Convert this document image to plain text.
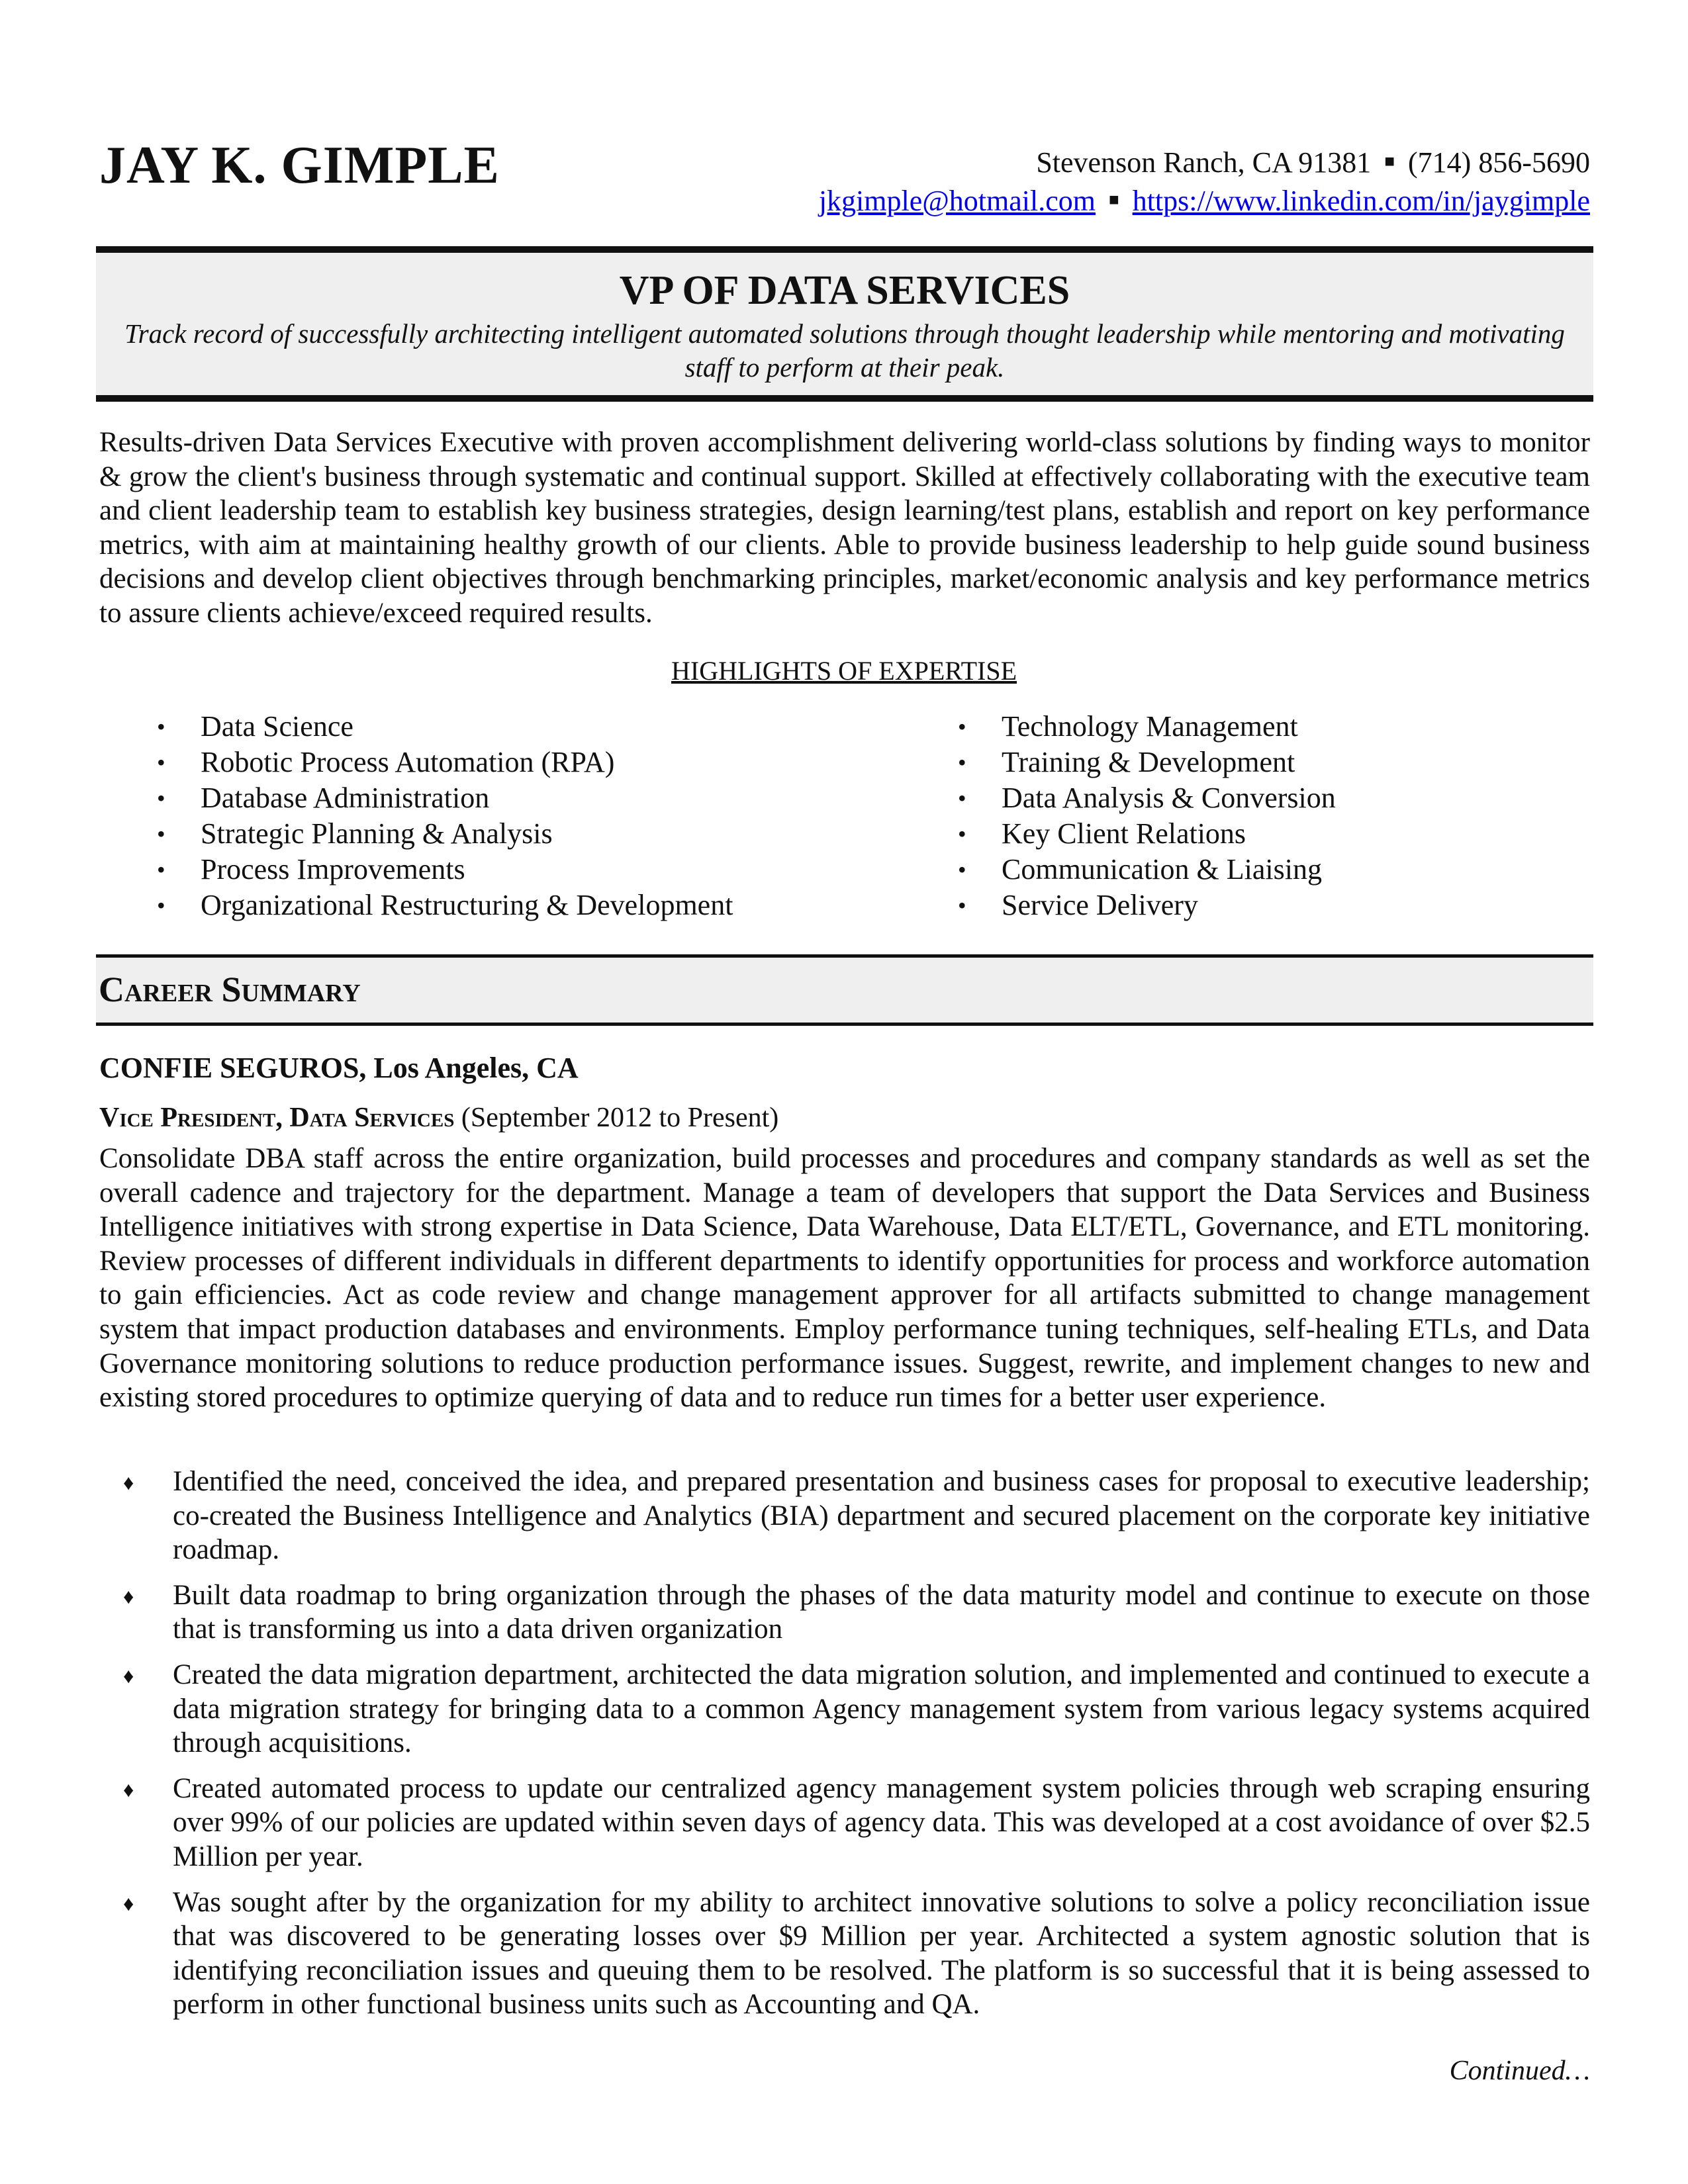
JAY K. GIMPLE	Stevenson Ranch, CA 91381 ■ (714) 856-5690
jkgimple@hotmail.com ■ https://www.linkedin.com/in/jaygimple
VP OF DATA SERVICES

Track record of successfully architecting intelligent automated solutions through thought leadership while mentoring and motivating staff to perform at their peak.

Results-driven Data Services Executive with proven accomplishment delivering world-class solutions by finding ways to monitor & grow the client's business through systematic and continual support. Skilled at effectively collaborating with the executive team and client leadership team to establish key business strategies, design learning/test plans, establish and report on key performance metrics, with aim at maintaining healthy growth of our clients. Able to provide business leadership to help guide sound business decisions and develop client objectives through benchmarking principles, market/economic analysis and key performance metrics to assure clients achieve/exceed required results.

HIGHLIGHTS OF EXPERTISE
• Data Science
• Robotic Process Automation (RPA)
• Database Administration
• Strategic Planning & Analysis
• Process Improvements
• Organizational Restructuring & Development
• Technology Management
• Training & Development
• Data Analysis & Conversion
• Key Client Relations
• Communication & Liaising
• Service Delivery
Career Summary

CONFIE SEGUROS, Los Angeles, CA

Vice President, Data Services (September 2012 to Present)

Consolidate DBA staff across the entire organization, build processes and procedures and company standards as well as set the overall cadence and trajectory for the department. Manage a team of developers that support the Data Services and Business Intelligence initiatives with strong expertise in Data Science, Data Warehouse, Data ELT/ETL, Governance, and ETL monitoring. Review processes of different individuals in different departments to identify opportunities for process and workforce automation to gain efficiencies. Act as code review and change management approver for all artifacts submitted to change management system that impact production databases and environments. Employ performance tuning techniques, self-healing ETLs, and Data Governance monitoring solutions to reduce production performance issues. Suggest, rewrite, and implement changes to new and existing stored procedures to optimize querying of data and to reduce run times for a better user experience.

♦ Identified the need, conceived the idea, and prepared presentation and business cases for proposal to executive leadership; co-created the Business Intelligence and Analytics (BIA) department and secured placement on the corporate key initiative roadmap.
♦ Built data roadmap to bring organization through the phases of the data maturity model and continue to execute on those that is transforming us into a data driven organization
♦ Created the data migration department, architected the data migration solution, and implemented and continued to execute a data migration strategy for bringing data to a common Agency management system from various legacy systems acquired through acquisitions.
♦ Created automated process to update our centralized agency management system policies through web scraping ensuring over 99% of our policies are updated within seven days of agency data. This was developed at a cost avoidance of over $2.5 Million per year.
♦ Was sought after by the organization for my ability to architect innovative solutions to solve a policy reconciliation issue that was discovered to be generating losses over $9 Million per year. Architected a system agnostic solution that is identifying reconciliation issues and queuing them to be resolved. The platform is so successful that it is being assessed to perform in other functional business units such as Accounting and QA.
Continued…
